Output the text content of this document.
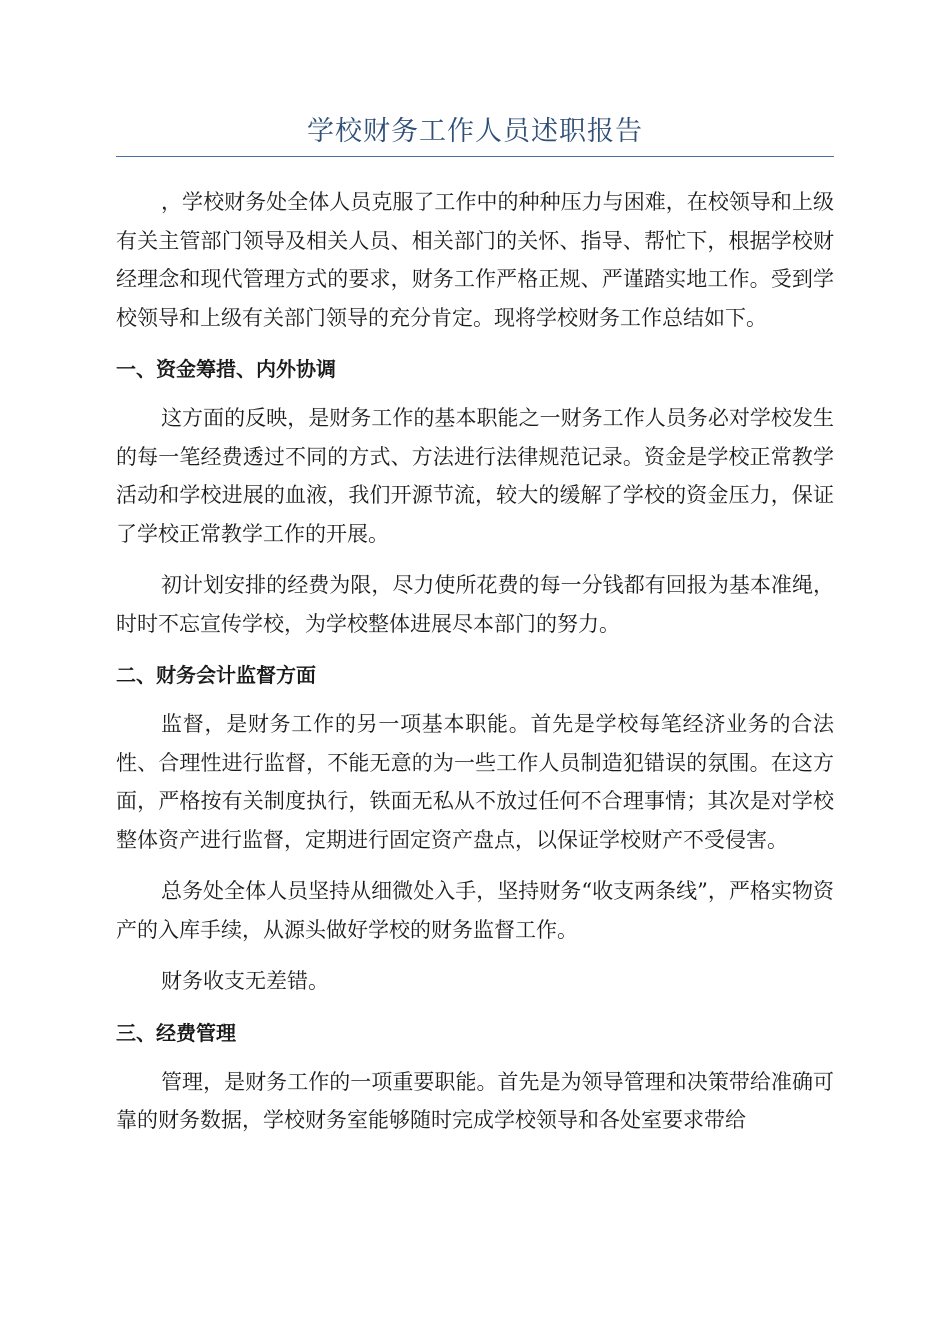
学校财务工作人员述职报告

，学校财务处全体人员克服了工作中的种种压力与困难，在校领导和上级有关主管部门领导及相关人员、相关部门的关怀、指导、帮忙下，根据学校财经理念和现代管理方式的要求，财务工作严格正规、严谨踏实地工作。受到学校领导和上级有关部门领导的充分肯定。现将学校财务工作总结如下。

一、资金筹措、内外协调

这方面的反映，是财务工作的基本职能之一财务工作人员务必对学校发生的每一笔经费透过不同的方式、方法进行法律规范记录。资金是学校正常教学活动和学校进展的血液，我们开源节流，较大的缓解了学校的资金压力，保证了学校正常教学工作的开展。

初计划安排的经费为限，尽力使所花费的每一分钱都有回报为基本准绳，时时不忘宣传学校，为学校整体进展尽本部门的努力。

二、财务会计监督方面

监督，是财务工作的另一项基本职能。首先是学校每笔经济业务的合法性、合理性进行监督，不能无意的为一些工作人员制造犯错误的氛围。在这方面，严格按有关制度执行，铁面无私从不放过任何不合理事情；其次是对学校整体资产进行监督，定期进行固定资产盘点，以保证学校财产不受侵害。

总务处全体人员坚持从细微处入手，坚持财务“收支两条线”，严格实物资产的入库手续，从源头做好学校的财务监督工作。

财务收支无差错。

三、经费管理

管理，是财务工作的一项重要职能。首先是为领导管理和决策带给准确可靠的财务数据，学校财务室能够随时完成学校领导和各处室要求带给
